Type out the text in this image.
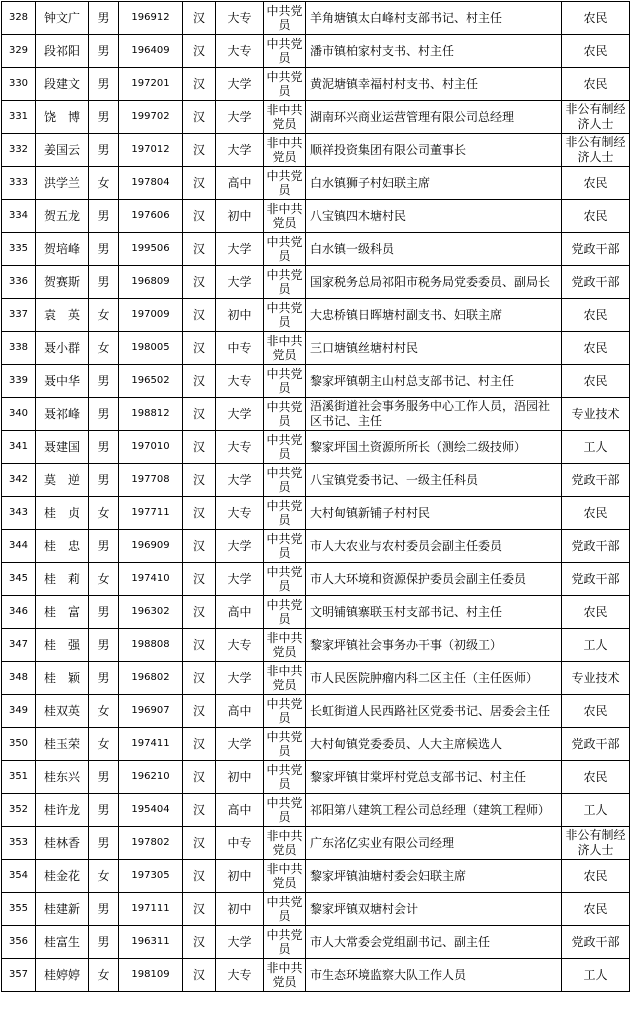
328	钟文广	男	196912	汉	大专	中共党员	羊角塘镇太白峰村支部书记、村主任	农民
329	段祁阳	男	196409	汉	大专	中共党员	潘市镇柏家村支书、村主任	农民
330	段建文	男	197201	汉	大学	中共党员	黄泥塘镇幸福村村支书、村主任	农民
331	饶　博	男	199702	汉	大学	非中共党员	湖南环兴商业运营管理有限公司总经理	非公有制经济人士
332	姜国云	男	197012	汉	大学	非中共党员	顺祥投资集团有限公司董事长	非公有制经济人士
333	洪学兰	女	197804	汉	高中	中共党员	白水镇狮子村妇联主席	农民
334	贺五龙	男	197606	汉	初中	非中共党员	八宝镇四木塘村民	农民
335	贺培峰	男	199506	汉	大学	中共党员	白水镇一级科员	党政干部
336	贺赛斯	男	196809	汉	大学	中共党员	国家税务总局祁阳市税务局党委委员、副局长	党政干部
337	袁　英	女	197009	汉	初中	中共党员	大忠桥镇日晖塘村副支书、妇联主席	农民
338	聂小群	女	198005	汉	中专	非中共党员	三口塘镇丝塘村村民	农民
339	聂中华	男	196502	汉	大专	中共党员	黎家坪镇朝主山村总支部书记、村主任	农民
340	聂祁峰	男	198812	汉	大学	中共党员	浯溪街道社会事务服务中心工作人员，浯园社区书记、主任	专业技术
341	聂建国	男	197010	汉	大专	中共党员	黎家坪国土资源所所长（测绘二级技师）	工人
342	莫　逆	男	197708	汉	大学	中共党员	八宝镇党委书记、一级主任科员	党政干部
343	桂　贞	女	197711	汉	大专	中共党员	大村甸镇新铺子村村民	农民
344	桂　忠	男	196909	汉	大学	中共党员	市人大农业与农村委员会副主任委员	党政干部
345	桂　莉	女	197410	汉	大学	中共党员	市人大环境和资源保护委员会副主任委员	党政干部
346	桂　富	男	196302	汉	高中	中共党员	文明铺镇寨联玉村支部书记、村主任	农民
347	桂　强	男	198808	汉	大专	非中共党员	黎家坪镇社会事务办干事（初级工）	工人
348	桂　颖	男	196802	汉	大学	非中共党员	市人民医院肿瘤内科二区主任（主任医师）	专业技术
349	桂双英	女	196907	汉	高中	中共党员	长虹街道人民西路社区党委书记、居委会主任	农民
350	桂玉荣	女	197411	汉	大学	中共党员	大村甸镇党委委员、人大主席候选人	党政干部
351	桂东兴	男	196210	汉	初中	中共党员	黎家坪镇甘棠坪村党总支部书记、村主任	农民
352	桂许龙	男	195404	汉	高中	中共党员	祁阳第八建筑工程公司总经理（建筑工程师）	工人
353	桂林香	男	197802	汉	中专	非中共党员	广东洺亿实业有限公司经理	非公有制经济人士
354	桂金花	女	197305	汉	初中	非中共党员	黎家坪镇油塘村委会妇联主席	农民
355	桂建新	男	197111	汉	初中	中共党员	黎家坪镇双塘村会计	农民
356	桂富生	男	196311	汉	大学	中共党员	市人大常委会党组副书记、副主任	党政干部
357	桂婷婷	女	198109	汉	大专	非中共党员	市生态环境监察大队工作人员	工人
